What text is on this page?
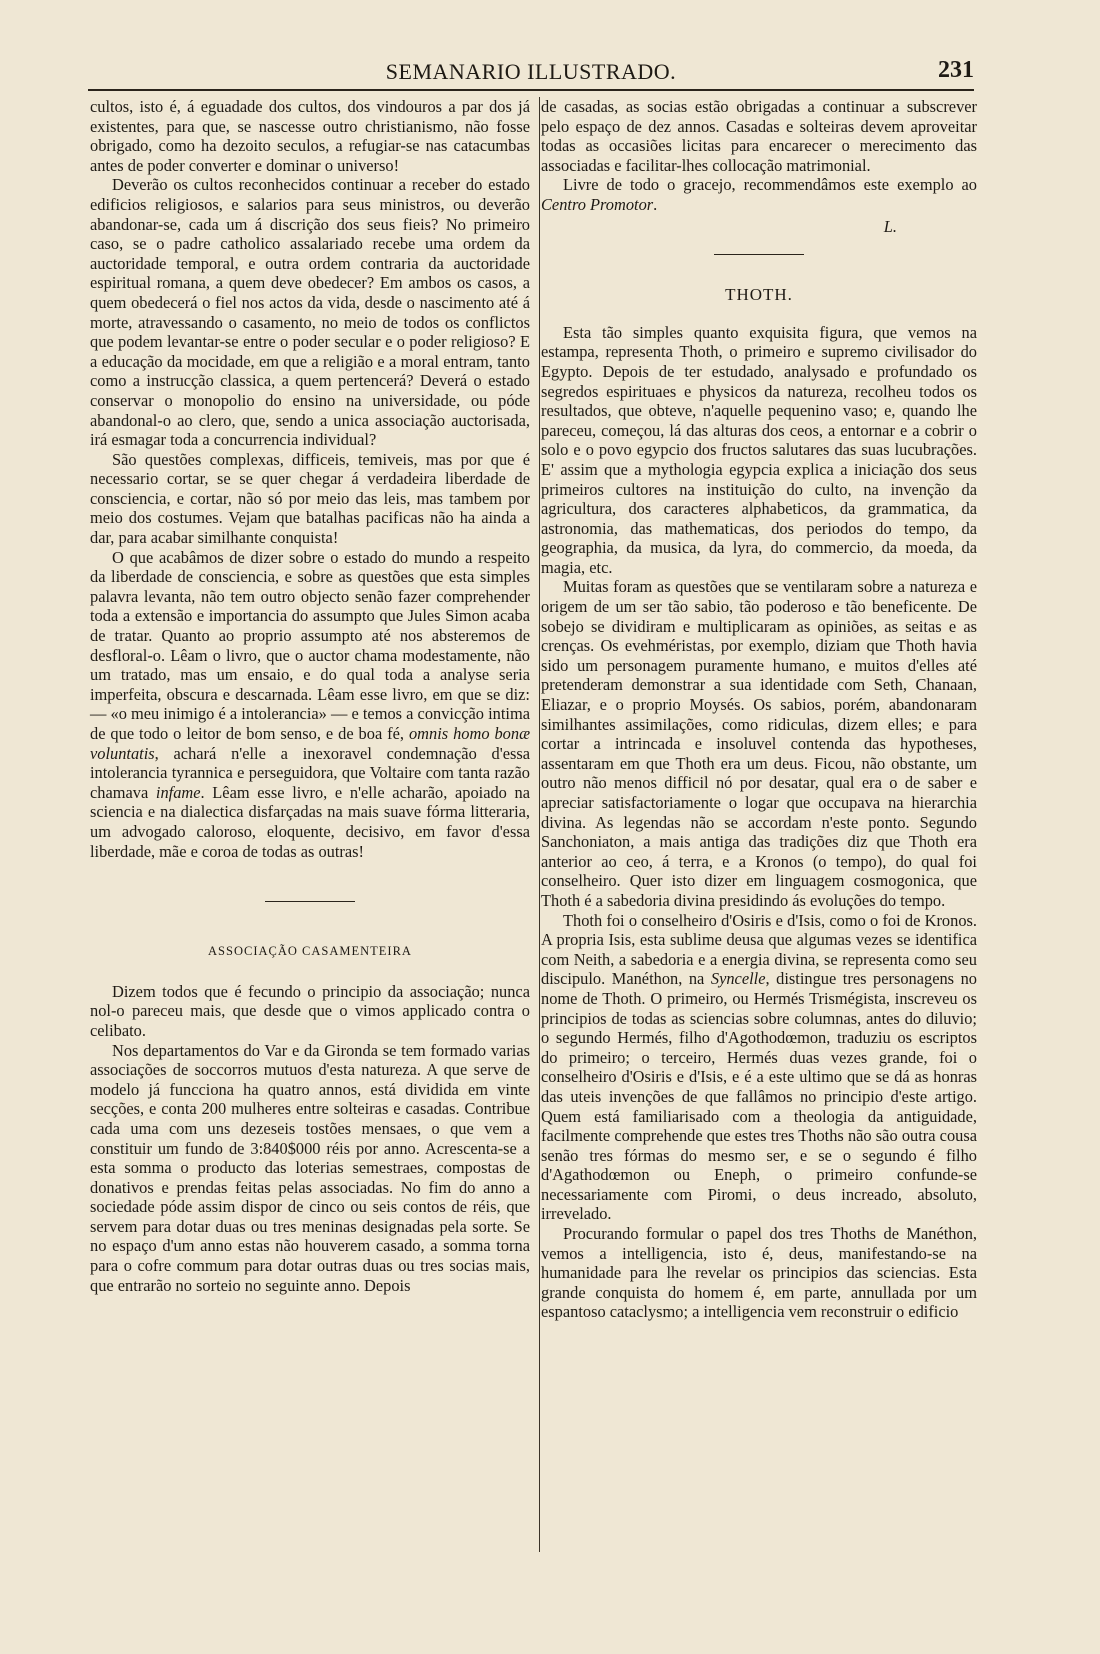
SEMANARIO ILLUSTRADO.	231

cultos, isto é, á eguadade dos cultos, dos vindouros a par dos já existentes, para que, se nascesse outro christianismo, não fosse obrigado, como ha dezoito seculos, a refugiar-se nas catacumbas antes de poder converter e dominar o universo!

Deverão os cultos reconhecidos continuar a receber do estado edificios religiosos, e salarios para seus ministros, ou deverão abandonar-se, cada um á discrição dos seus fieis? No primeiro caso, se o padre catholico assalariado recebe uma ordem da auctoridade temporal, e outra ordem contraria da auctoridade espiritual romana, a quem deve obedecer? Em ambos os casos, a quem obedecerá o fiel nos actos da vida, desde o nascimento até á morte, atravessando o casamento, no meio de todos os conflictos que podem levantar-se entre o poder secular e o poder religioso? E a educação da mocidade, em que a religião e a moral entram, tanto como a instrucção classica, a quem pertencerá? Deverá o estado conservar o monopolio do ensino na universidade, ou póde abandonal-o ao clero, que, sendo a unica associação auctorisada, irá esmagar toda a concurrencia individual?

São questões complexas, difficeis, temiveis, mas por que é necessario cortar, se se quer chegar á verdadeira liberdade de consciencia, e cortar, não só por meio das leis, mas tambem por meio dos costumes. Vejam que batalhas pacificas não ha ainda a dar, para acabar similhante conquista!

O que acabâmos de dizer sobre o estado do mundo a respeito da liberdade de consciencia, e sobre as questões que esta simples palavra levanta, não tem outro objecto senão fazer comprehender toda a extensão e importancia do assumpto que Jules Simon acaba de tratar. Quanto ao proprio assumpto até nos absteremos de desfloral-o. Lêam o livro, que o auctor chama modestamente, não um tratado, mas um ensaio, e do qual toda a analyse seria imperfeita, obscura e descarnada. Lêam esse livro, em que se diz: — «o meu inimigo é a intolerancia» — e temos a convicção intima de que todo o leitor de bom senso, e de boa fé, omnis homo bonæ voluntatis, achará n'elle a inexoravel condemnação d'essa intolerancia tyrannica e perseguidora, que Voltaire com tanta razão chamava infame. Lêam esse livro, e n'elle acharão, apoiado na sciencia e na dialectica disfarçadas na mais suave fórma litteraria, um advogado caloroso, eloquente, decisivo, em favor d'essa liberdade, mãe e coroa de todas as outras!

ASSOCIAÇÃO CASAMENTEIRA

Dizem todos que é fecundo o principio da associação; nunca nol-o pareceu mais, que desde que o vimos applicado contra o celibato.

Nos departamentos do Var e da Gironda se tem formado varias associações de soccorros mutuos d'esta natureza. A que serve de modelo já funcciona ha quatro annos, está dividida em vinte secções, e conta 200 mulheres entre solteiras e casadas. Contribue cada uma com uns dezeseis tostões mensaes, o que vem a constituir um fundo de 3:840$000 réis por anno. Acrescenta-se a esta somma o producto das loterias semestraes, compostas de donativos e prendas feitas pelas associadas. No fim do anno a sociedade póde assim dispor de cinco ou seis contos de réis, que servem para dotar duas ou tres meninas designadas pela sorte. Se no espaço d'um anno estas não houverem casado, a somma torna para o cofre commum para dotar outras duas ou tres socias mais, que entrarão no sorteio no seguinte anno. Depois

de casadas, as socias estão obrigadas a continuar a subscrever pelo espaço de dez annos. Casadas e solteiras devem aproveitar todas as occasiões licitas para encarecer o merecimento das associadas e facilitar-lhes collocação matrimonial.

Livre de todo o gracejo, recommendâmos este exemplo ao Centro Promotor.

L.
THOTH.

Esta tão simples quanto exquisita figura, que vemos na estampa, representa Thoth, o primeiro e supremo civilisador do Egypto. Depois de ter estudado, analysado e profundado os segredos espirituaes e physicos da natureza, recolheu todos os resultados, que obteve, n'aquelle pequenino vaso; e, quando lhe pareceu, começou, lá das alturas dos ceos, a entornar e a cobrir o solo e o povo egypcio dos fructos salutares das suas lucubrações. E' assim que a mythologia egypcia explica a iniciação dos seus primeiros cultores na instituição do culto, na invenção da agricultura, dos caracteres alphabeticos, da grammatica, da astronomia, das mathematicas, dos periodos do tempo, da geographia, da musica, da lyra, do commercio, da moeda, da magia, etc.

Muitas foram as questões que se ventilaram sobre a natureza e origem de um ser tão sabio, tão poderoso e tão beneficente. De sobejo se dividiram e multiplicaram as opiniões, as seitas e as crenças. Os evehméristas, por exemplo, diziam que Thoth havia sido um personagem puramente humano, e muitos d'elles até pretenderam demonstrar a sua identidade com Seth, Chanaan, Eliazar, e o proprio Moysés. Os sabios, porém, abandonaram similhantes assimilações, como ridiculas, dizem elles; e para cortar a intrincada e insoluvel contenda das hypotheses, assentaram em que Thoth era um deus. Ficou, não obstante, um outro não menos difficil nó por desatar, qual era o de saber e apreciar satisfactoriamente o logar que occupava na hierarchia divina. As legendas não se accordam n'este ponto. Segundo Sanchoniaton, a mais antiga das tradições diz que Thoth era anterior ao ceo, á terra, e a Kronos (o tempo), do qual foi conselheiro. Quer isto dizer em linguagem cosmogonica, que Thoth é a sabedoria divina presidindo ás evoluções do tempo.

Thoth foi o conselheiro d'Osiris e d'Isis, como o foi de Kronos. A propria Isis, esta sublime deusa que algumas vezes se identifica com Neith, a sabedoria e a energia divina, se representa como seu discipulo. Manéthon, na Syncelle, distingue tres personagens no nome de Thoth. O primeiro, ou Hermés Trismégista, inscreveu os principios de todas as sciencias sobre columnas, antes do diluvio; o segundo Hermés, filho d'Agothodœmon, traduziu os escriptos do primeiro; o terceiro, Hermés duas vezes grande, foi o conselheiro d'Osiris e d'Isis, e é a este ultimo que se dá as honras das uteis invenções de que fallâmos no principio d'este artigo. Quem está familiarisado com a theologia da antiguidade, facilmente comprehende que estes tres Thoths não são outra cousa senão tres fórmas do mesmo ser, e se o segundo é filho d'Agathodœmon ou Eneph, o primeiro confunde-se necessariamente com Piromi, o deus increado, absoluto, irrevelado.

Procurando formular o papel dos tres Thoths de Manéthon, vemos a intelligencia, isto é, deus, manifestando-se na humanidade para lhe revelar os principios das sciencias. Esta grande conquista do homem é, em parte, annullada por um espantoso cataclysmo; a intelligencia vem reconstruir o edificio
